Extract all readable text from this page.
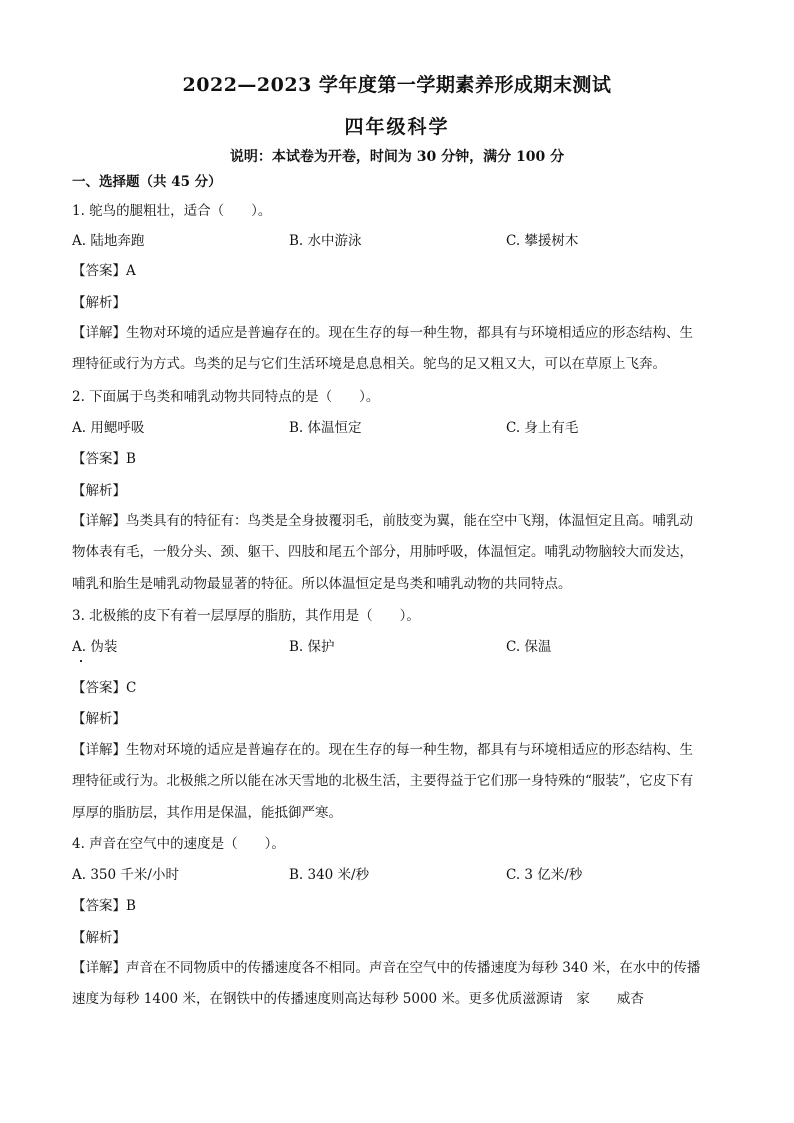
2022—2023 学年度第一学期素养形成期末测试
四年级科学
说明：本试卷为开卷，时间为 30 分钟，满分 100 分
一、选择题（共 45 分）
1. 鸵鸟的腿粗壮，适合（　　）。
A. 陆地奔跑	B. 水中游泳	C. 攀援树木
【答案】A
【解析】
【详解】生物对环境的适应是普遍存在的。现在生存的每一种生物，都具有与环境相适应的形态结构、生
理特征或行为方式。鸟类的足与它们生活环境是息息相关。鸵鸟的足又粗又大，可以在草原上飞奔。
2. 下面属于鸟类和哺乳动物共同特点的是（　　）。
A. 用鳃呼吸	B. 体温恒定	C. 身上有毛
【答案】B
【解析】
【详解】鸟类具有的特征有：鸟类是全身披覆羽毛，前肢变为翼，能在空中飞翔，体温恒定且高。哺乳动
物体表有毛，一般分头、颈、躯干、四肢和尾五个部分，用肺呼吸，体温恒定。哺乳动物脑较大而发达，
哺乳和胎生是哺乳动物最显著的特征。所以体温恒定是鸟类和哺乳动物的共同特点。
3. 北极熊的皮下有着一层厚厚的脂肪，其作用是（　　）。
A. 伪装	B. 保护	C. 保温
【答案】C
【解析】
【详解】生物对环境的适应是普遍存在的。现在生存的每一种生物，都具有与环境相适应的形态结构、生
理特征或行为。北极熊之所以能在冰天雪地的北极生活，主要得益于它们那一身特殊的“服装”，它皮下有
厚厚的脂肪层，其作用是保温，能抵御严寒。
4. 声音在空气中的速度是（　　）。
A. 350 千米/小时	B. 340 米/秒	C. 3 亿米/秒
【答案】B
【解析】
【详解】声音在不同物质中的传播速度各不相同。声音在空气中的传播速度为每秒 340 米，在水中的传播
速度为每秒 1400 米，在钢铁中的传播速度则高达每秒 5000 米。更多优质滋源请　家　　威杏
